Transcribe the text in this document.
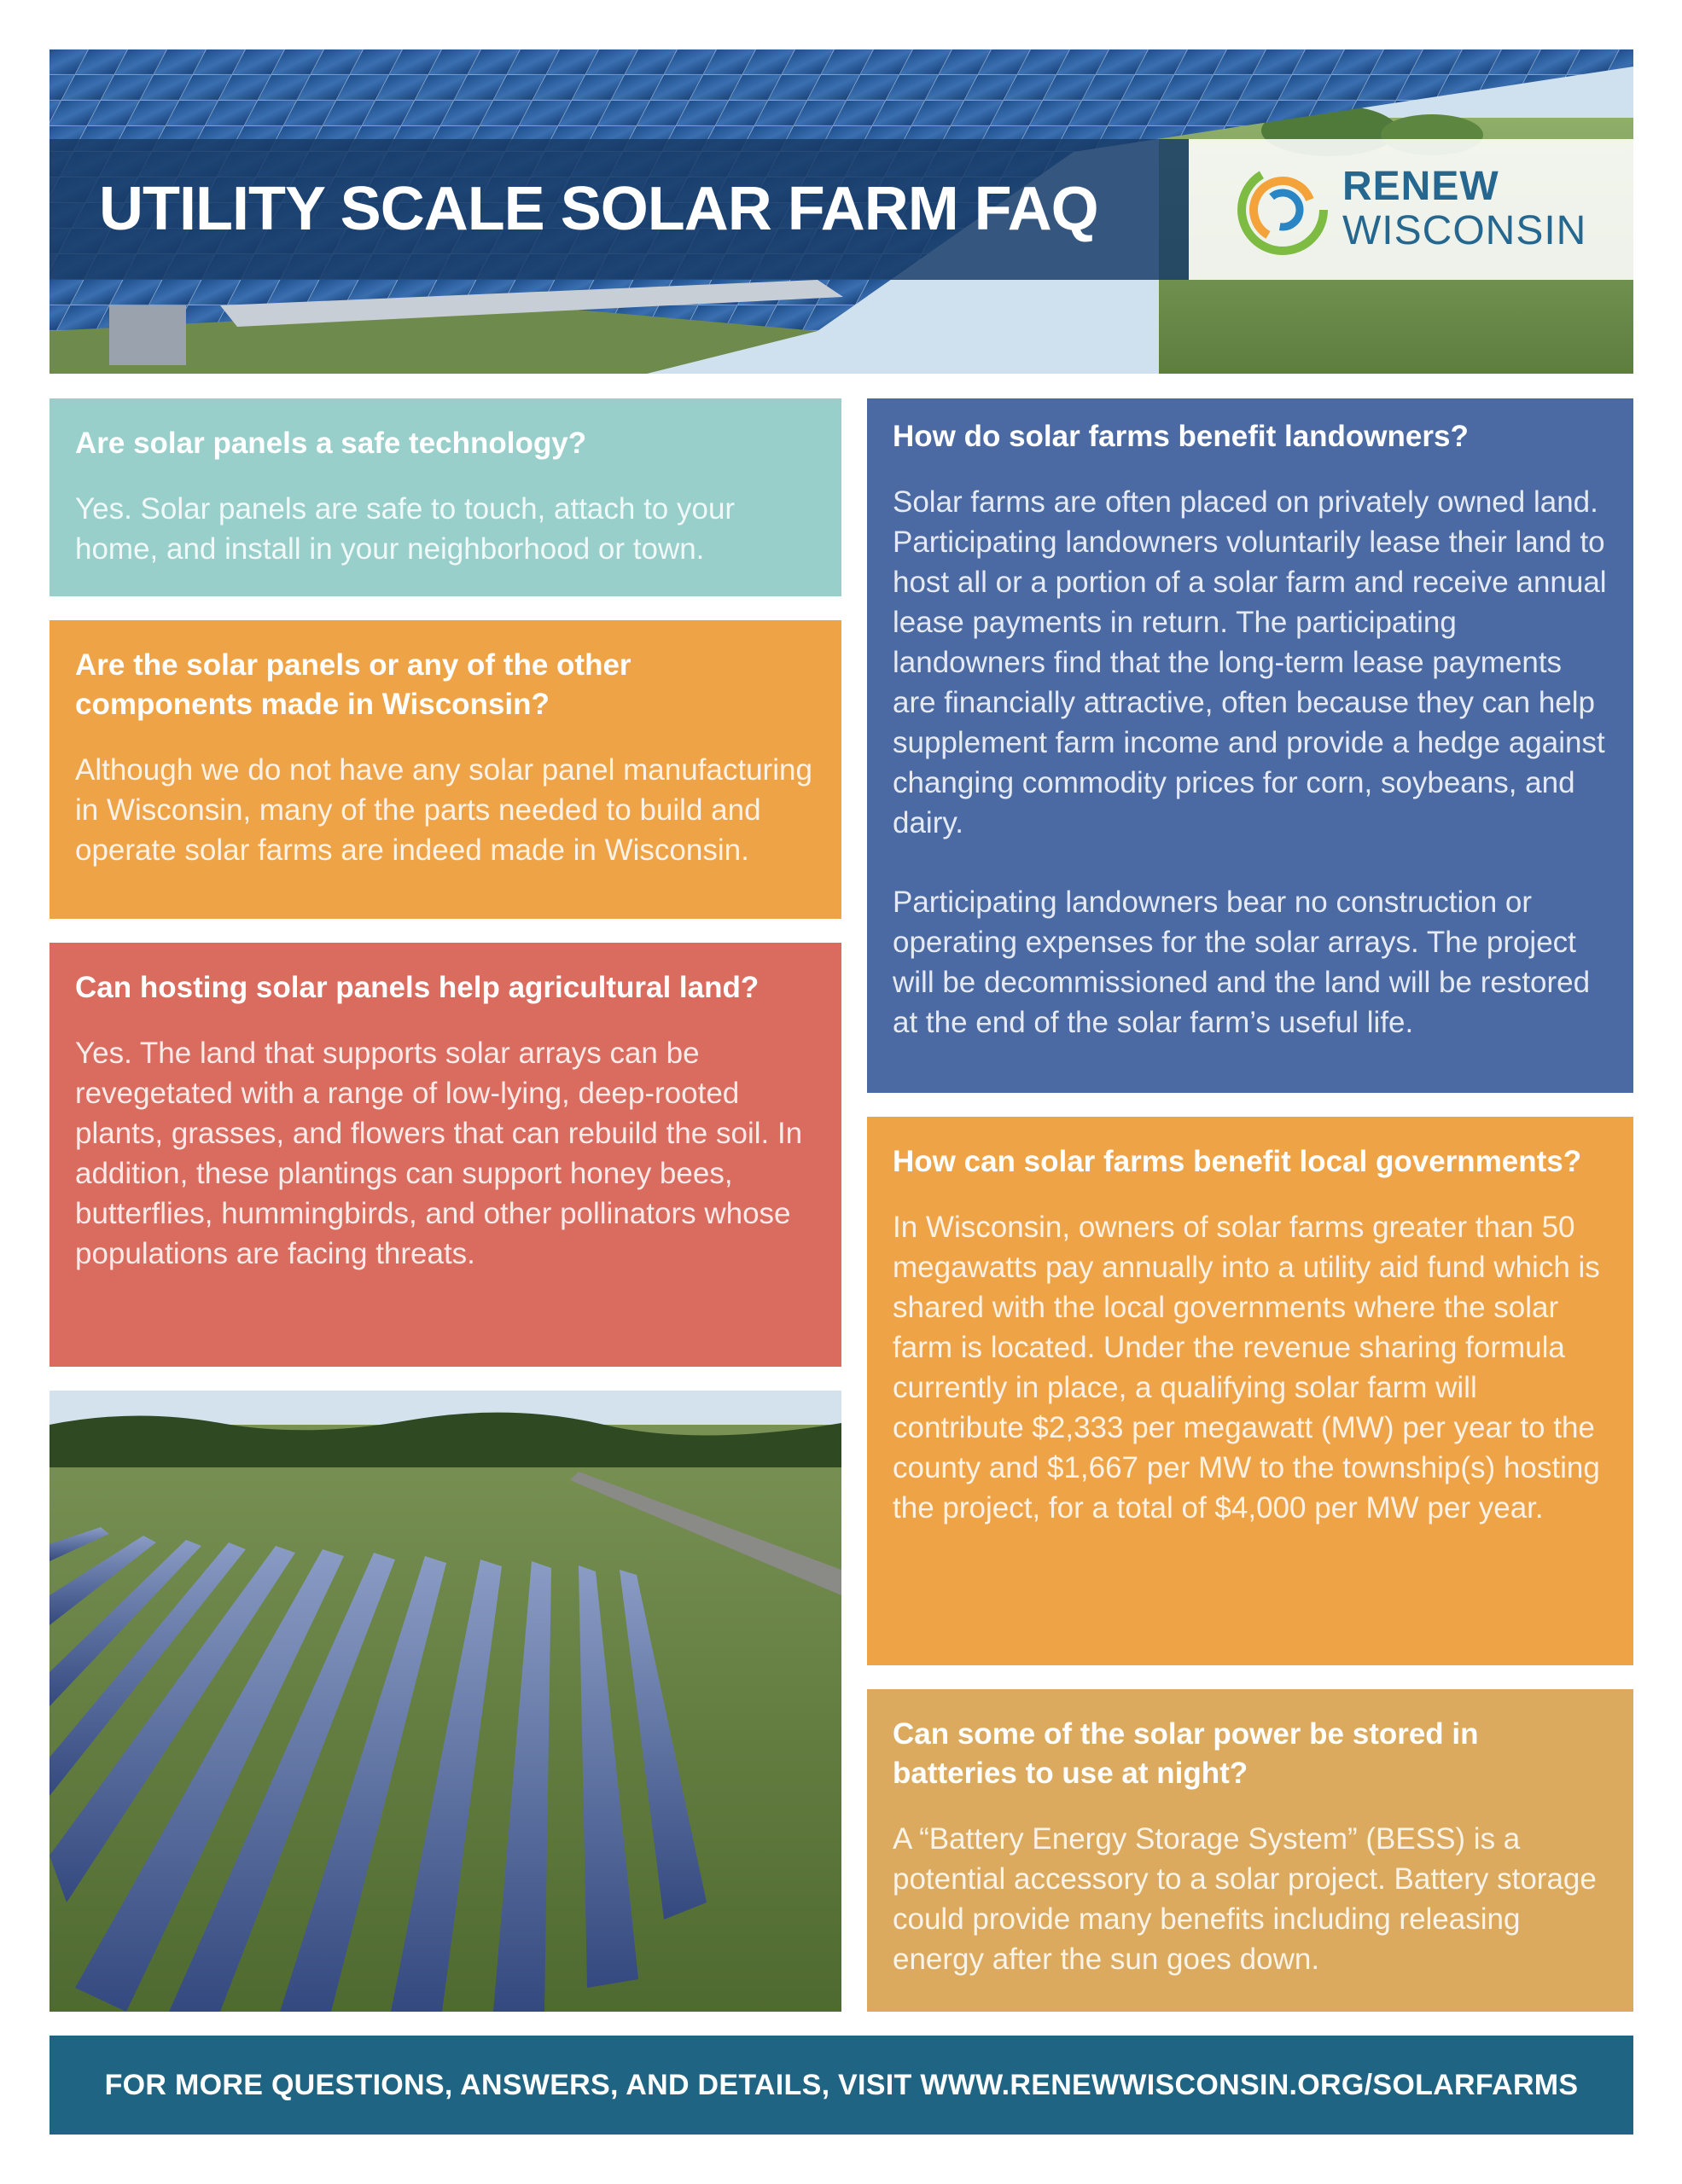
UTILITY SCALE SOLAR FARM FAQ	RENEW
WISCONSIN
Are solar panels a safe technology?

Yes. Solar panels are safe to touch, attach to your home, and install in your neighborhood or town.

Are the solar panels or any of the other components made in Wisconsin?

Although we do not have any solar panel manufacturing in Wisconsin, many of the parts needed to build and operate solar farms are indeed made in Wisconsin.

Can hosting solar panels help agricultural land?

Yes. The land that supports solar arrays can be revegetated with a range of low-lying, deep-rooted plants, grasses, and flowers that can rebuild the soil. In addition, these plantings can support honey bees, butterflies, hummingbirds, and other pollinators whose populations are facing threats.

How do solar farms benefit landowners?

Solar farms are often placed on privately owned land. Participating landowners voluntarily lease their land to host all or a portion of a solar farm and receive annual lease payments in return. The participating landowners find that the long-term lease payments are financially attractive, often because they can help supplement farm income and provide a hedge against changing commodity prices for corn, soybeans, and dairy.

Participating landowners bear no construction or operating expenses for the solar arrays. The project will be decommissioned and the land will be restored at the end of the solar farm’s useful life.

How can solar farms benefit local governments?

In Wisconsin, owners of solar farms greater than 50 megawatts pay annually into a utility aid fund which is shared with the local governments where the solar farm is located. Under the revenue sharing formula currently in place, a qualifying solar farm will contribute $2,333 per megawatt (MW) per year to the county and $1,667 per MW to the township(s) hosting the project, for a total of $4,000 per MW per year.

Can some of the solar power be stored in batteries to use at night?

A “Battery Energy Storage System” (BESS) is a potential accessory to a solar project. Battery storage could provide many benefits including releasing energy after the sun goes down.

FOR MORE QUESTIONS, ANSWERS, AND DETAILS, VISIT WWW.RENEWWISCONSIN.ORG/SOLARFARMS
